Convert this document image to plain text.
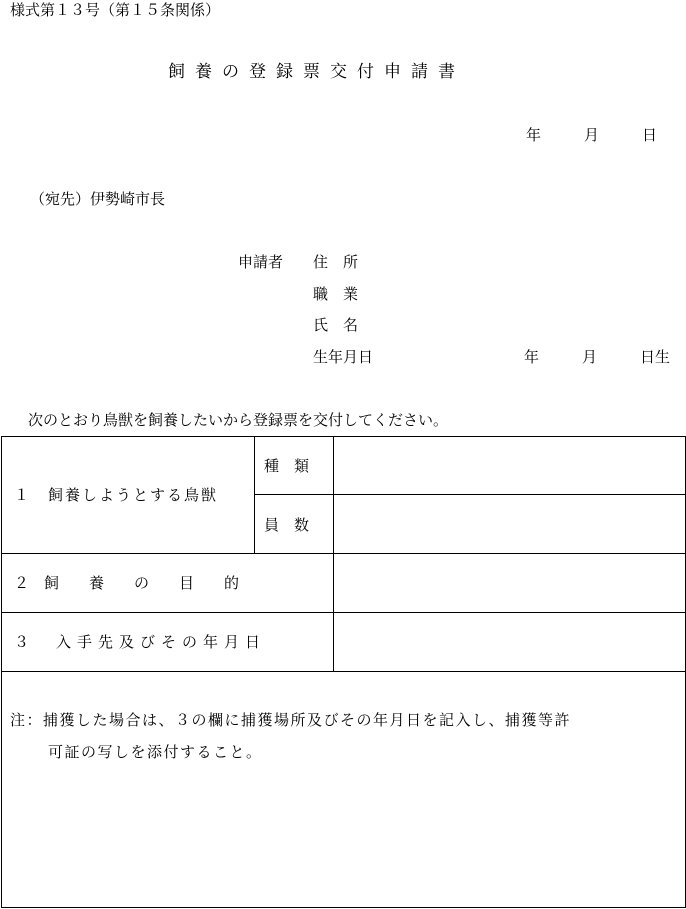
様式第１３号（第１５条関係）
飼養の登録票交付申請書
年	月	日
（宛先）伊勢崎市長
申請者 住　所
職　業
氏　名
生年月日	年	月	日生
次のとおり鳥獣を飼養したいから登録票を交付してください。
１　飼養しようとする鳥獣
種　類
員　数
２　飼　　養　　の　　目　　的
３　入手先及びその年月日
注：捕獲した場合は、３の欄に捕獲場所及びその年月日を記入し、捕獲等許
可証の写しを添付すること。
